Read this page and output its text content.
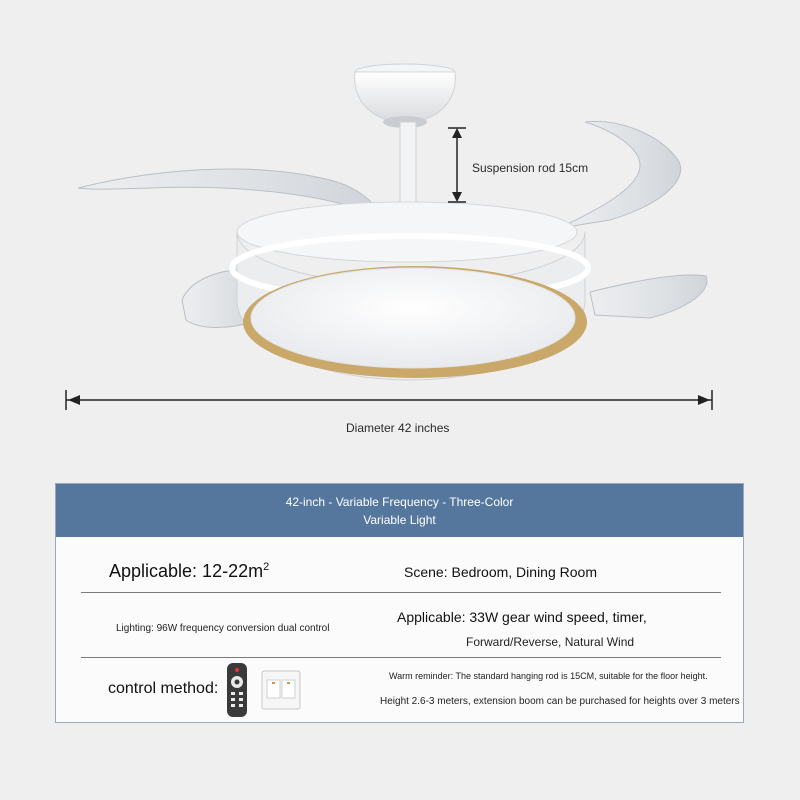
Suspension rod 15cm
Diameter 42 inches
42-inch - Variable Frequency - Three-Color
Variable Light
Applicable: $12-22m^2$	Scene: Bedroom, Dining Room
Lighting: 96W frequency conversion dual control
Applicable: 33W gear wind speed, timer,
Forward/Reverse, Natural Wind
control method:
Warm reminder: The standard hanging rod is 15CM, suitable for the floor height.
Height 2.6-3 meters, extension boom can be purchased for heights over 3 meters
